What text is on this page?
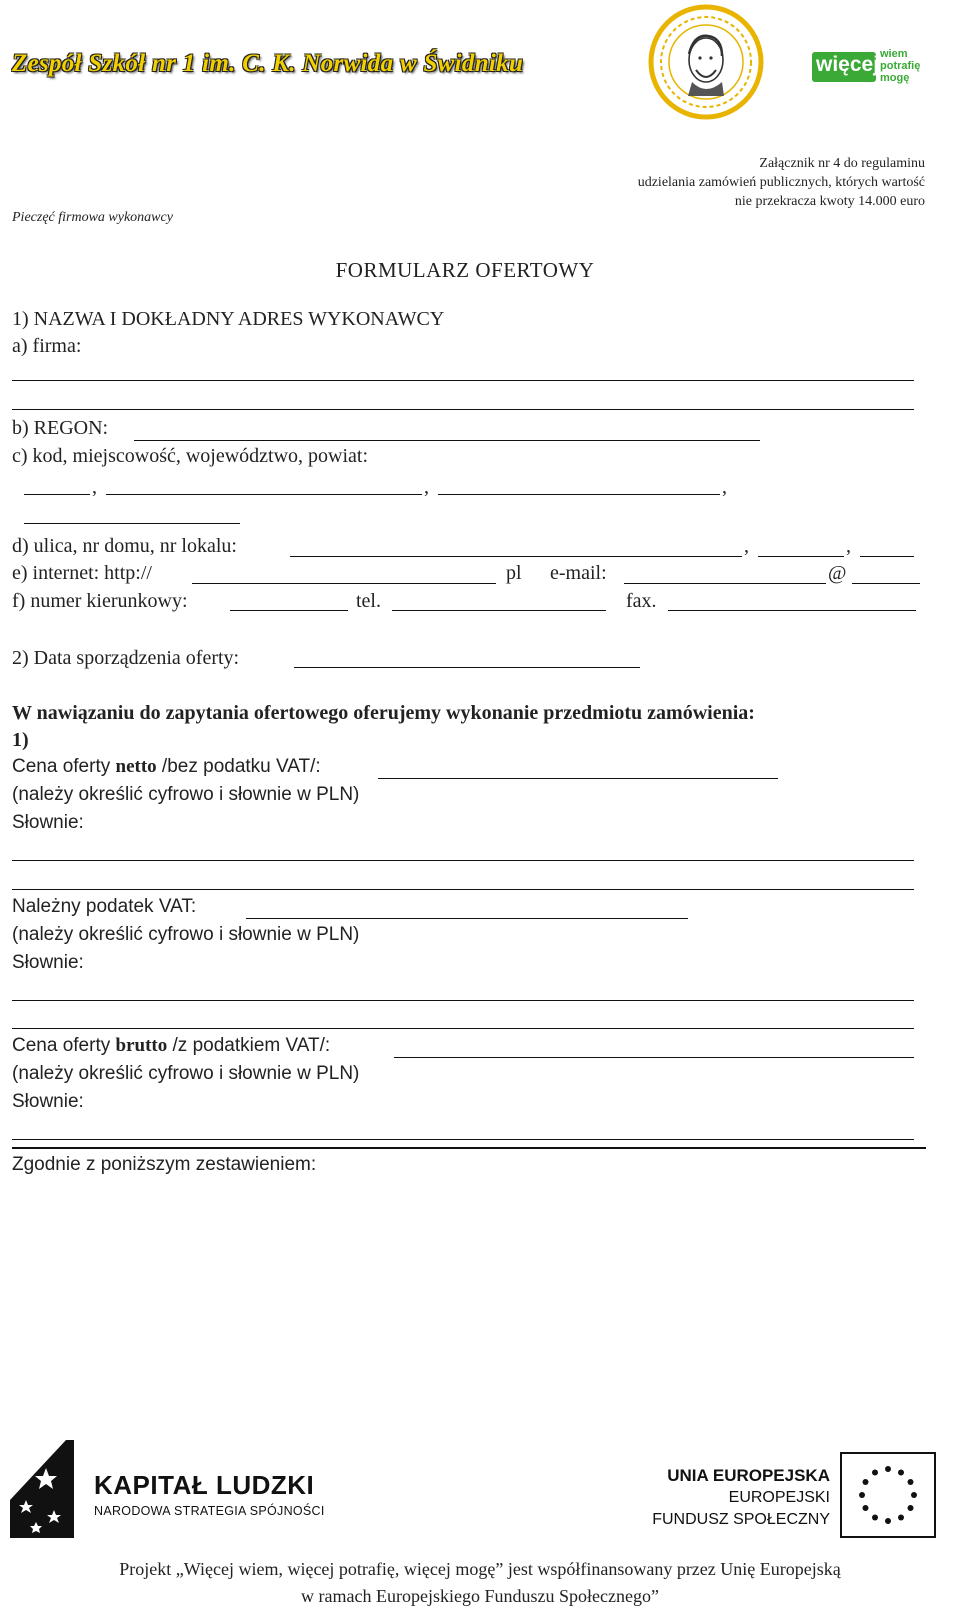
Zespół Szkół nr 1 im. C. K. Norwida w Świdniku	więcej wiem
potrafię
mogę
Załącznik nr 4 do regulaminu
udzielania zamówień publicznych, których wartość
nie przekracza kwoty 14.000 euro
Pieczęć firmowa wykonawcy
FORMULARZ OFERTOWY
1) NAZWA I DOKŁADNY ADRES WYKONAWCY
a) firma:
b) REGON:
c) kod, miejscowość, województwo, powiat:
,	,	,
d) ulica, nr domu, nr lokalu:	,	,
e) internet: http://	pl e-mail:	@
f) numer kierunkowy:	tel.	fax.
2) Data sporządzenia oferty:
W nawiązaniu do zapytania ofertowego oferujemy wykonanie przedmiotu zamówienia:
1)
Cena oferty netto /bez podatku VAT/:
(należy określić cyfrowo i słownie w PLN)
Słownie:
Należny podatek VAT:
(należy określić cyfrowo i słownie w PLN)
Słownie:
Cena oferty brutto /z podatkiem VAT/:
(należy określić cyfrowo i słownie w PLN)
Słownie:
Zgodnie z poniższym zestawieniem:
KAPITAŁ LUDZKI
NARODOWA STRATEGIA SPÓJNOŚCI
UNIA EUROPEJSKA
EUROPEJSKI
FUNDUSZ SPOŁECZNY
Projekt „Więcej wiem, więcej potrafię, więcej mogę” jest współfinansowany przez Unię Europejską
w ramach Europejskiego Funduszu Społecznego”
